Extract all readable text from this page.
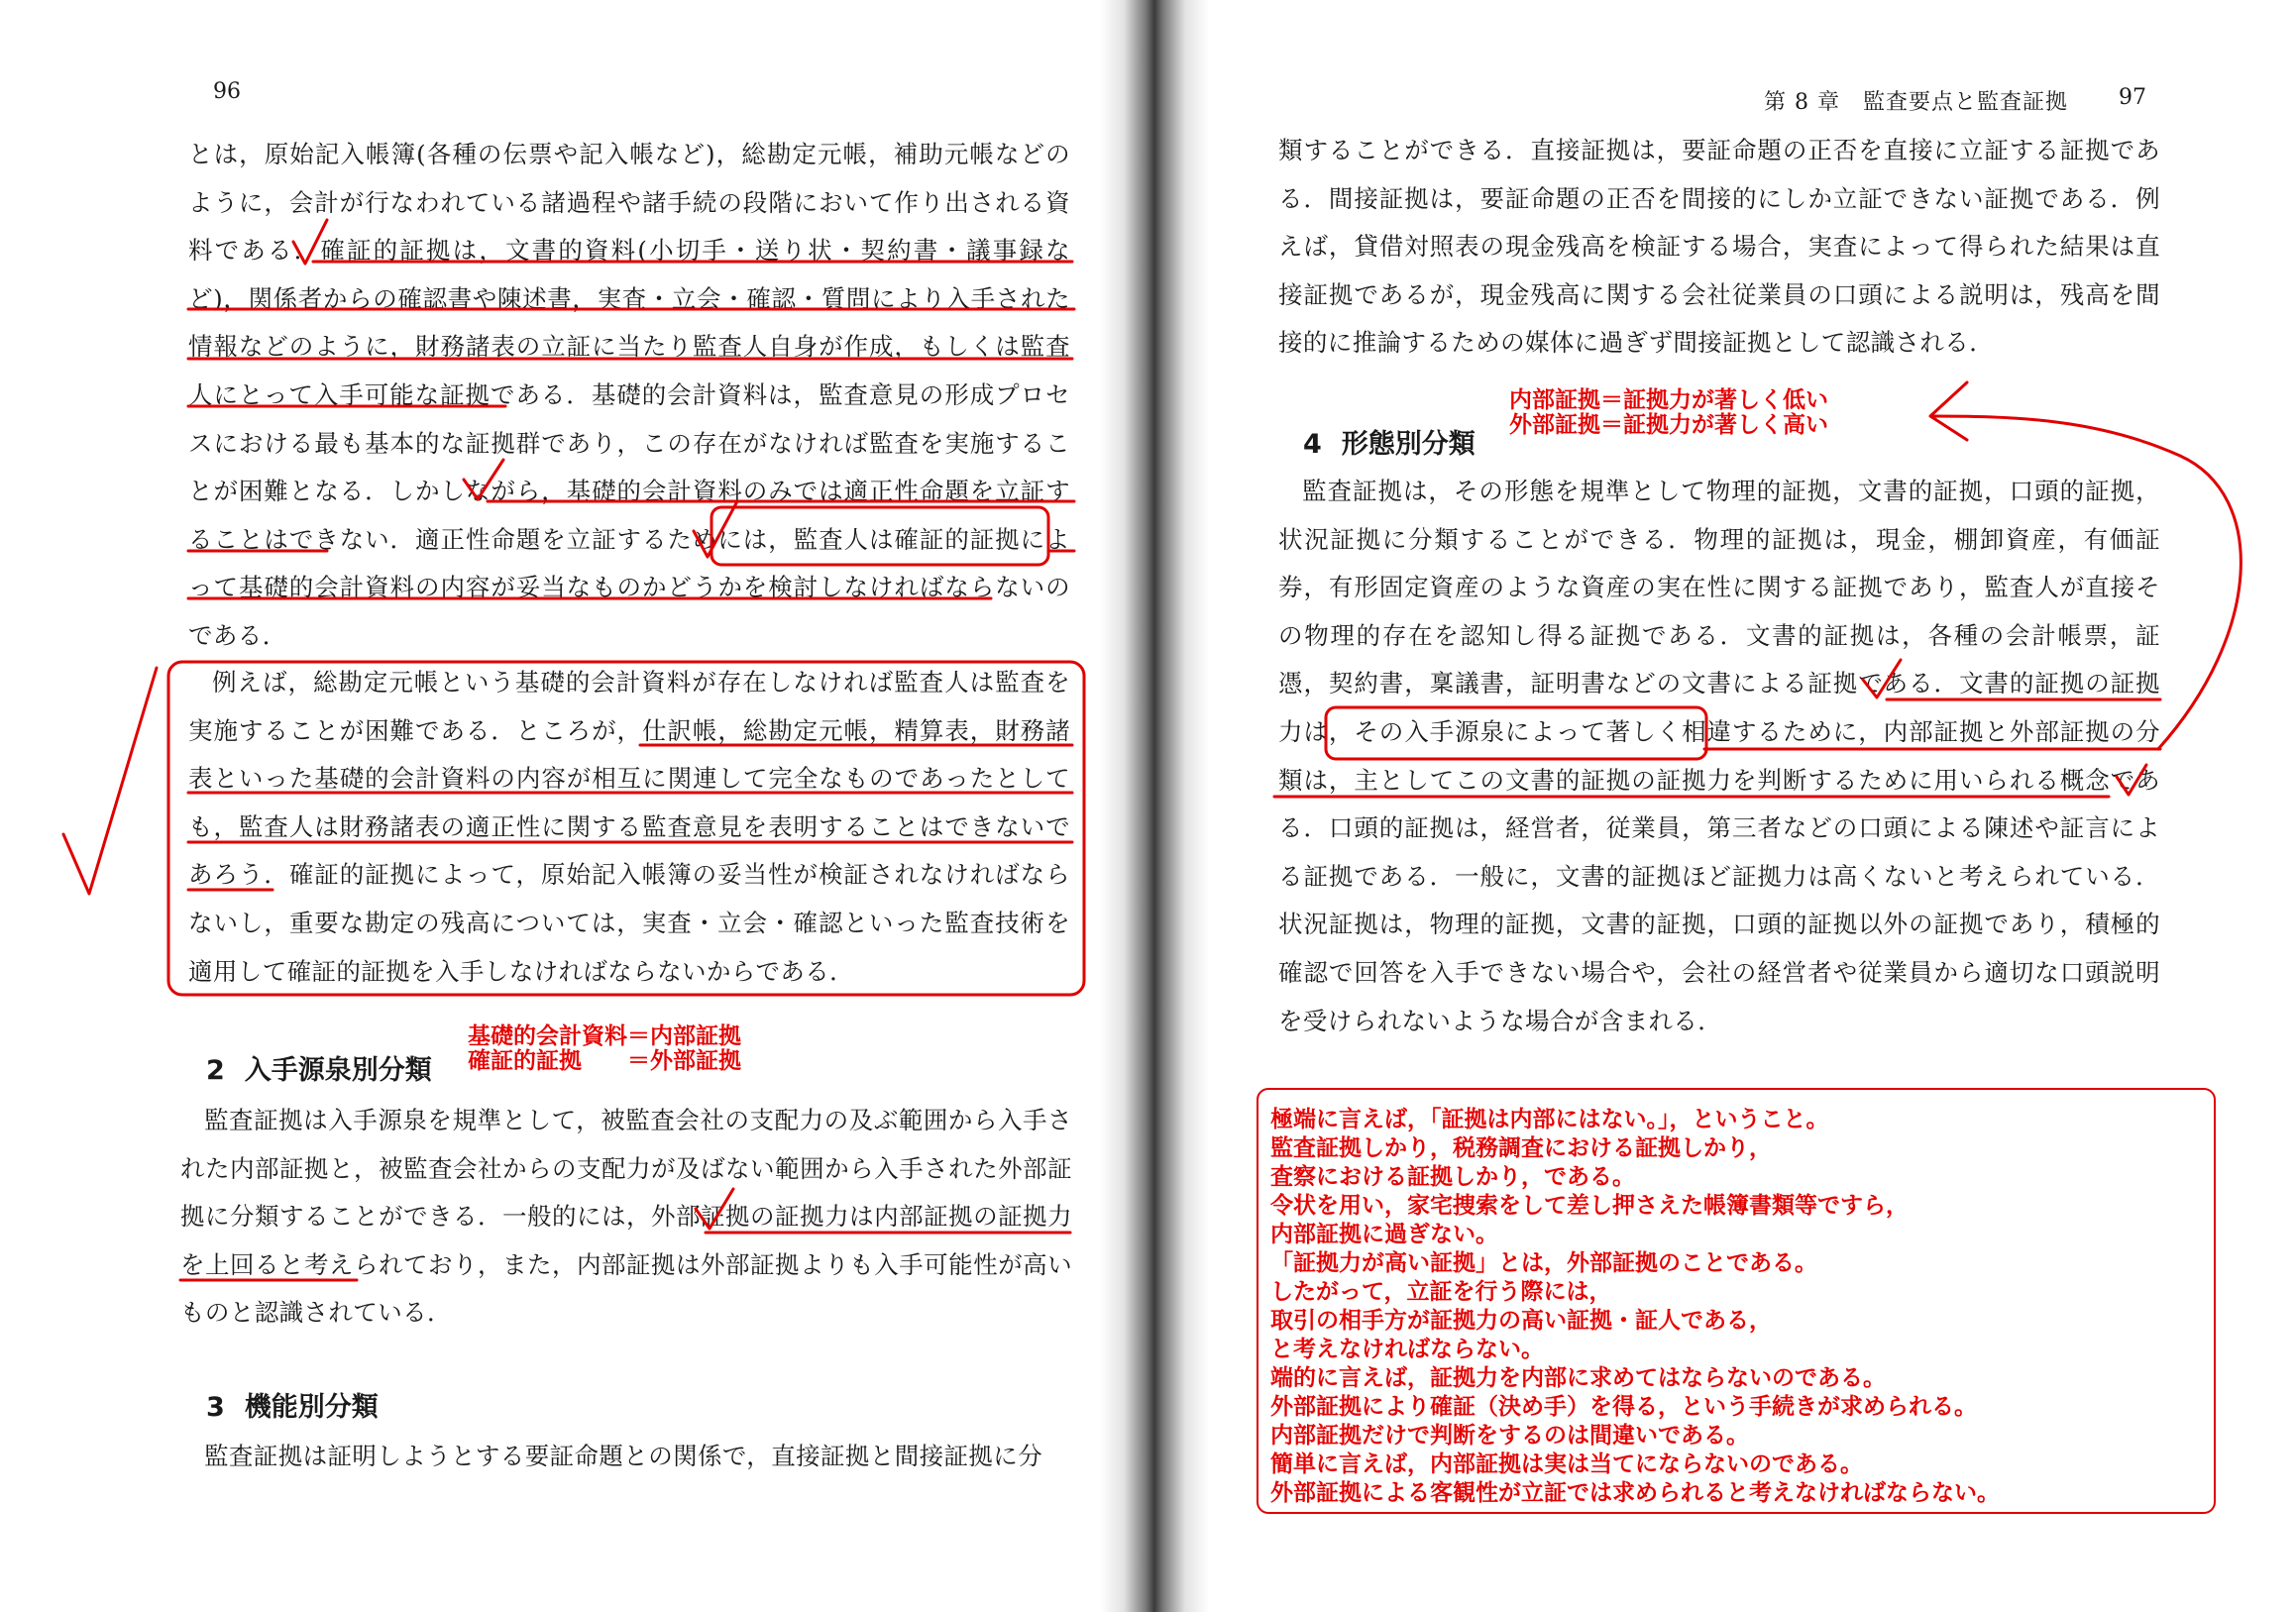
96

とは，原始記入帳簿(各種の伝票や記入帳など)，総勘定元帳，補助元帳などのように，会計が行なわれている諸過程や諸手続の段階において作り出される資料である．確証的証拠は，文書的資料(小切手・送り状・契約書・議事録など)，関係者からの確認書や陳述書，実査・立会・確認・質問により入手された情報などのように，財務諸表の立証に当たり監査人自身が作成，もしくは監査人にとって入手可能な証拠である．基礎的会計資料は，監査意見の形成プロセスにおける最も基本的な証拠群であり，この存在がなければ監査を実施することが困難となる．しかしながら，基礎的会計資料のみでは適正性命題を立証することはできない．適正性命題を立証するためには，監査人は確証的証拠によって基礎的会計資料の内容が妥当なものかどうかを検討しなければならないのである．

例えば，総勘定元帳という基礎的会計資料が存在しなければ監査人は監査を実施することが困難である．ところが，仕訳帳，総勘定元帳，精算表，財務諸表といった基礎的会計資料の内容が相互に関連して完全なものであったとしても，監査人は財務諸表の適正性に関する監査意見を表明することはできないであろう．確証的証拠によって，原始記入帳簿の妥当性が検証されなければならないし，重要な勘定の残高については，実査・立会・確認といった監査技術を適用して確証的証拠を入手しなければならないからである．

2 入手源泉別分類

基礎的会計資料＝内部証拠
確証的証拠　　＝外部証拠

監査証拠は入手源泉を規準として，被監査会社の支配力の及ぶ範囲から入手された内部証拠と，被監査会社からの支配力が及ばない範囲から入手された外部証拠に分類することができる．一般的には，外部証拠の証拠力は内部証拠の証拠力を上回ると考えられており，また，内部証拠は外部証拠よりも入手可能性が高いものと認識されている．

3 機能別分類

監査証拠は証明しようとする要証命題との関係で，直接証拠と間接証拠に分

第 8 章　監査要点と監査証拠 97

類することができる．直接証拠は，要証命題の正否を直接に立証する証拠である．間接証拠は，要証命題の正否を間接的にしか立証できない証拠である．例えば，貸借対照表の現金残高を検証する場合，実査によって得られた結果は直接証拠であるが，現金残高に関する会社従業員の口頭による説明は，残高を間接的に推論するための媒体に過ぎず間接証拠として認識される．

内部証拠＝証拠力が著しく低い
外部証拠＝証拠力が著しく高い

4 形態別分類

監査証拠は，その形態を規準として物理的証拠，文書的証拠，口頭的証拠，状況証拠に分類することができる．物理的証拠は，現金，棚卸資産，有価証券，有形固定資産のような資産の実在性に関する証拠であり，監査人が直接その物理的存在を認知し得る証拠である．文書的証拠は，各種の会計帳票，証憑，契約書，稟議書，証明書などの文書による証拠である．文書的証拠の証拠力は，その入手源泉によって著しく相違するために，内部証拠と外部証拠の分類は，主としてこの文書的証拠の証拠力を判断するために用いられる概念である．口頭的証拠は，経営者，従業員，第三者などの口頭による陳述や証言による証拠である．一般に，文書的証拠ほど証拠力は高くないと考えられている．状況証拠は，物理的証拠，文書的証拠，口頭的証拠以外の証拠であり，積極的確認で回答を入手できない場合や，会社の経営者や従業員から適切な口頭説明を受けられないような場合が含まれる．

極端に言えば，「証拠は内部にはない。」，ということ。
監査証拠しかり，税務調査における証拠しかり，
査察における証拠しかり，である。
令状を用い，家宅捜索をして差し押さえた帳簿書類等ですら，
内部証拠に過ぎない。
「証拠力が高い証拠」とは，外部証拠のことである。
したがって，立証を行う際には，
取引の相手方が証拠力の高い証拠・証人である，
と考えなければならない。
端的に言えば，証拠力を内部に求めてはならないのである。
外部証拠により確証（決め手）を得る，という手続きが求められる。
内部証拠だけで判断をするのは間違いである。
簡単に言えば，内部証拠は実は当てにならないのである。
外部証拠による客観性が立証では求められると考えなければならない。
